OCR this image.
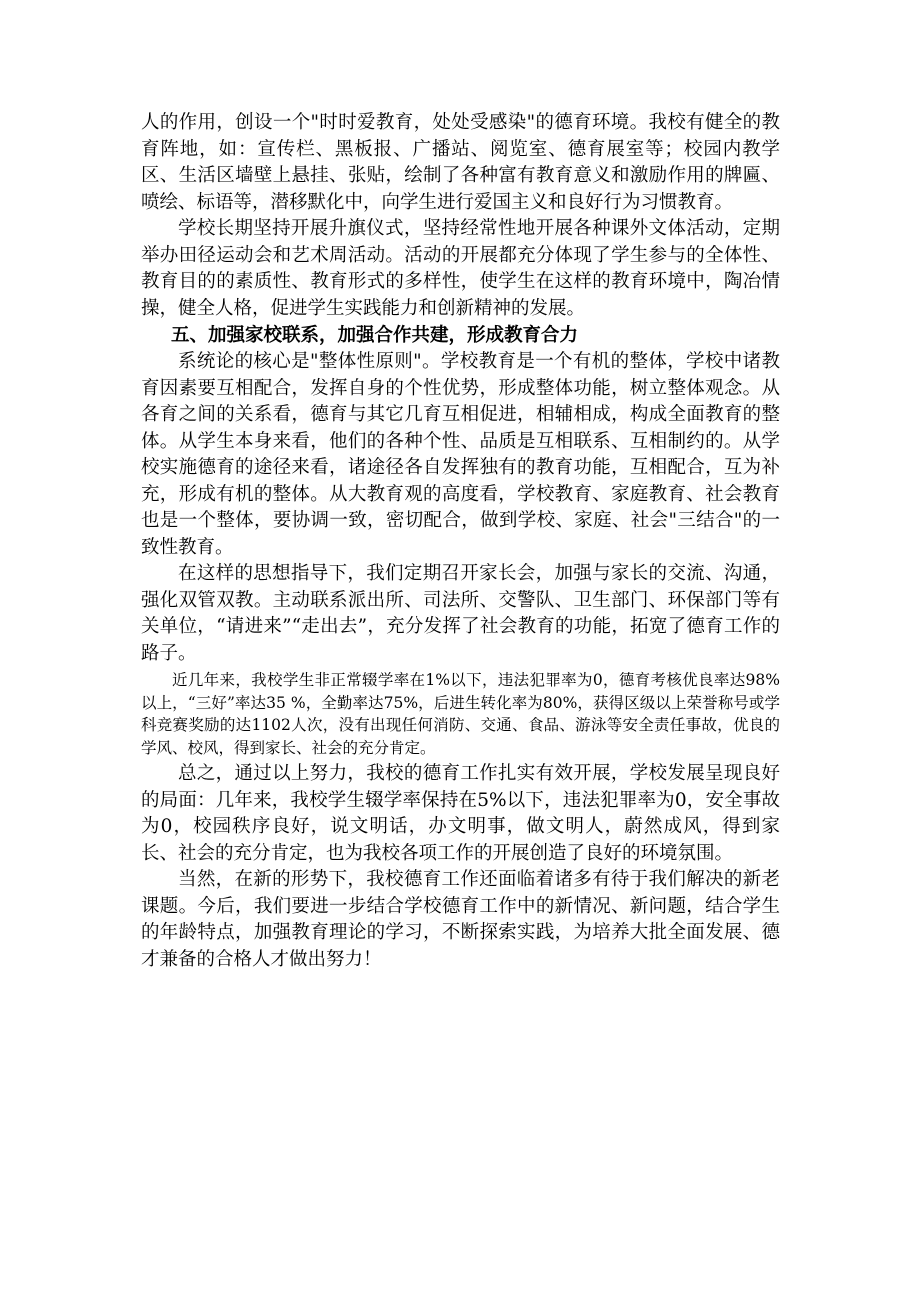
人的作用，创设一个"时时爱教育，处处受感染"的德育环境。我校有健全的教育阵地，如：宣传栏、黑板报、广播站、阅览室、德育展室等；校园内教学区、生活区墙壁上悬挂、张贴，绘制了各种富有教育意义和激励作用的牌匾、喷绘、标语等，潜移默化中，向学生进行爱国主义和良好行为习惯教育。

学校长期坚持开展升旗仪式，坚持经常性地开展各种课外文体活动，定期举办田径运动会和艺术周活动。活动的开展都充分体现了学生参与的全体性、教育目的的素质性、教育形式的多样性，使学生在这样的教育环境中，陶冶情操，健全人格，促进学生实践能力和创新精神的发展。

五、加强家校联系，加强合作共建，形成教育合力

系统论的核心是"整体性原则"。学校教育是一个有机的整体，学校中诸教育因素要互相配合，发挥自身的个性优势，形成整体功能，树立整体观念。从各育之间的关系看，德育与其它几育互相促进，相辅相成，构成全面教育的整体。从学生本身来看，他们的各种个性、品质是互相联系、互相制约的。从学校实施德育的途径来看，诸途径各自发挥独有的教育功能，互相配合，互为补充，形成有机的整体。从大教育观的高度看，学校教育、家庭教育、社会教育也是一个整体，要协调一致，密切配合，做到学校、家庭、社会"三结合"的一致性教育。

在这样的思想指导下，我们定期召开家长会，加强与家长的交流、沟通，强化双管双教。主动联系派出所、司法所、交警队、卫生部门、环保部门等有关单位，“请进来”“走出去”，充分发挥了社会教育的功能，拓宽了德育工作的路子。

近几年来，我校学生非正常辍学率在1%以下，违法犯罪率为0，德育考核优良率达98%以上，“三好”率达35 %，全勤率达75%，后进生转化率为80%，获得区级以上荣誉称号或学科竞赛奖励的达1102人次，没有出现任何消防、交通、食品、游泳等安全责任事故，优良的学风、校风，得到家长、社会的充分肯定。

总之，通过以上努力，我校的德育工作扎实有效开展，学校发展呈现良好的局面：几年来，我校学生辍学率保持在5%以下，违法犯罪率为0，安全事故为0，校园秩序良好，说文明话，办文明事，做文明人，蔚然成风，得到家长、社会的充分肯定，也为我校各项工作的开展创造了良好的环境氛围。

当然，在新的形势下，我校德育工作还面临着诸多有待于我们解决的新老课题。今后，我们要进一步结合学校德育工作中的新情况、新问题，结合学生的年龄特点，加强教育理论的学习，不断探索实践，为培养大批全面发展、德才兼备的合格人才做出努力！
